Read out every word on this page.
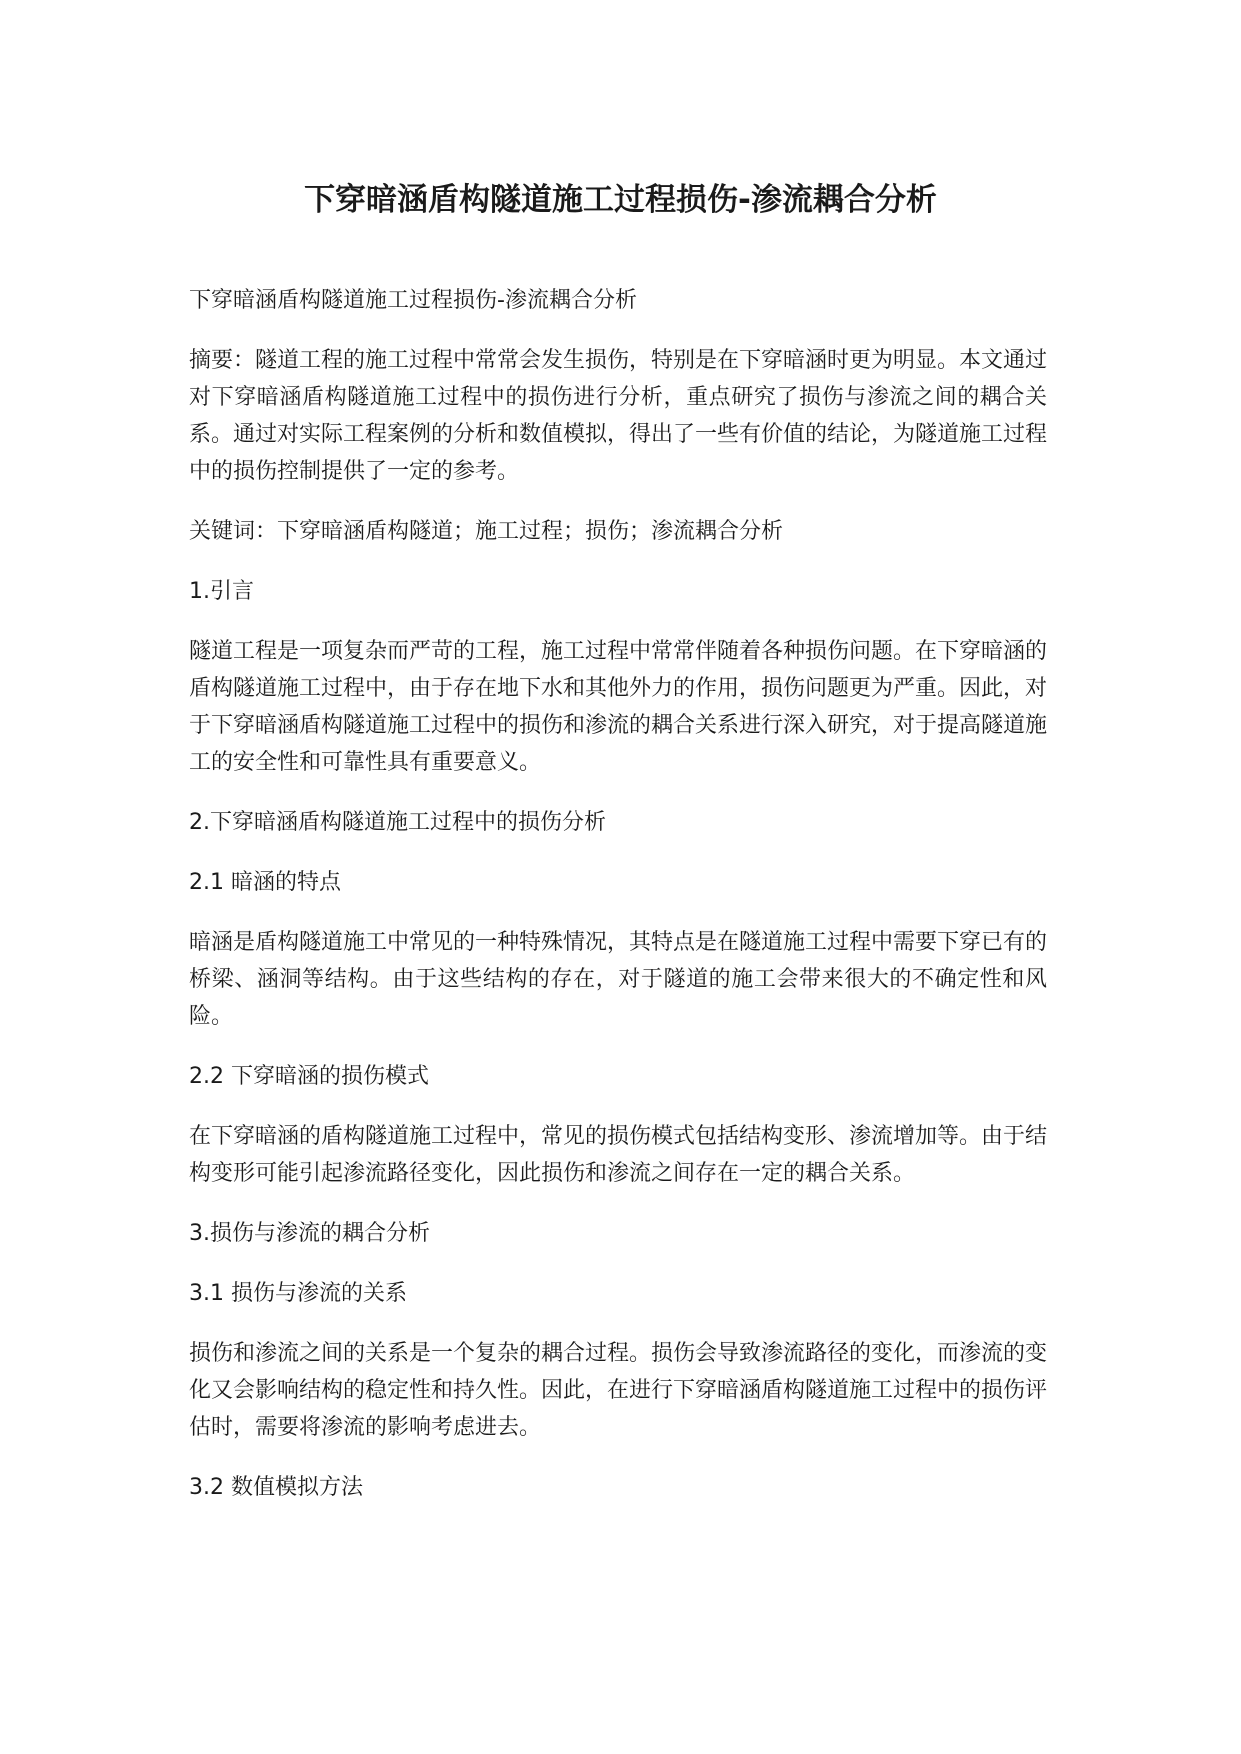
下穿暗涵盾构隧道施工过程损伤-渗流耦合分析

下穿暗涵盾构隧道施工过程损伤-渗流耦合分析

摘要：隧道工程的施工过程中常常会发生损伤，特别是在下穿暗涵时更为明显。本文通过对下穿暗涵盾构隧道施工过程中的损伤进行分析，重点研究了损伤与渗流之间的耦合关系。通过对实际工程案例的分析和数值模拟，得出了一些有价值的结论，为隧道施工过程中的损伤控制提供了一定的参考。

关键词：下穿暗涵盾构隧道；施工过程；损伤；渗流耦合分析

1.引言

隧道工程是一项复杂而严苛的工程，施工过程中常常伴随着各种损伤问题。在下穿暗涵的盾构隧道施工过程中，由于存在地下水和其他外力的作用，损伤问题更为严重。因此，对于下穿暗涵盾构隧道施工过程中的损伤和渗流的耦合关系进行深入研究，对于提高隧道施工的安全性和可靠性具有重要意义。

2.下穿暗涵盾构隧道施工过程中的损伤分析

2.1 暗涵的特点

暗涵是盾构隧道施工中常见的一种特殊情况，其特点是在隧道施工过程中需要下穿已有的桥梁、涵洞等结构。由于这些结构的存在，对于隧道的施工会带来很大的不确定性和风险。

2.2 下穿暗涵的损伤模式

在下穿暗涵的盾构隧道施工过程中，常见的损伤模式包括结构变形、渗流增加等。由于结构变形可能引起渗流路径变化，因此损伤和渗流之间存在一定的耦合关系。

3.损伤与渗流的耦合分析

3.1 损伤与渗流的关系

损伤和渗流之间的关系是一个复杂的耦合过程。损伤会导致渗流路径的变化，而渗流的变化又会影响结构的稳定性和持久性。因此，在进行下穿暗涵盾构隧道施工过程中的损伤评估时，需要将渗流的影响考虑进去。

3.2 数值模拟方法
